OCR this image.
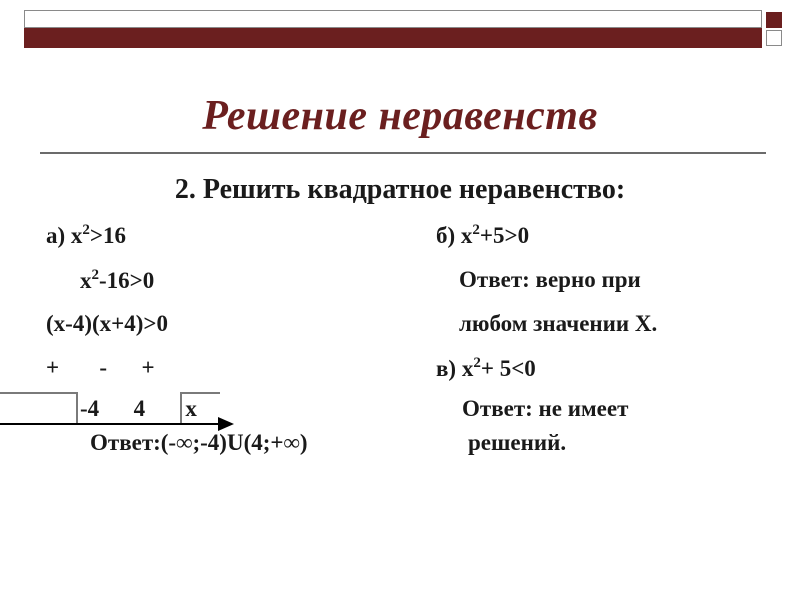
Решение неравенств
2. Решить квадратное неравенство:
а) $х^2>16$
$х^2-16>0$
(х-4)(х+4)>0
+       -      +
-4      4       х
Ответ:(-∞;-4)U(4;+∞)
б) $х^2+5>0$
Ответ: верно при
любом значении Х.
в) $х^2+ 5<0$
Ответ: не имеет
решений.
